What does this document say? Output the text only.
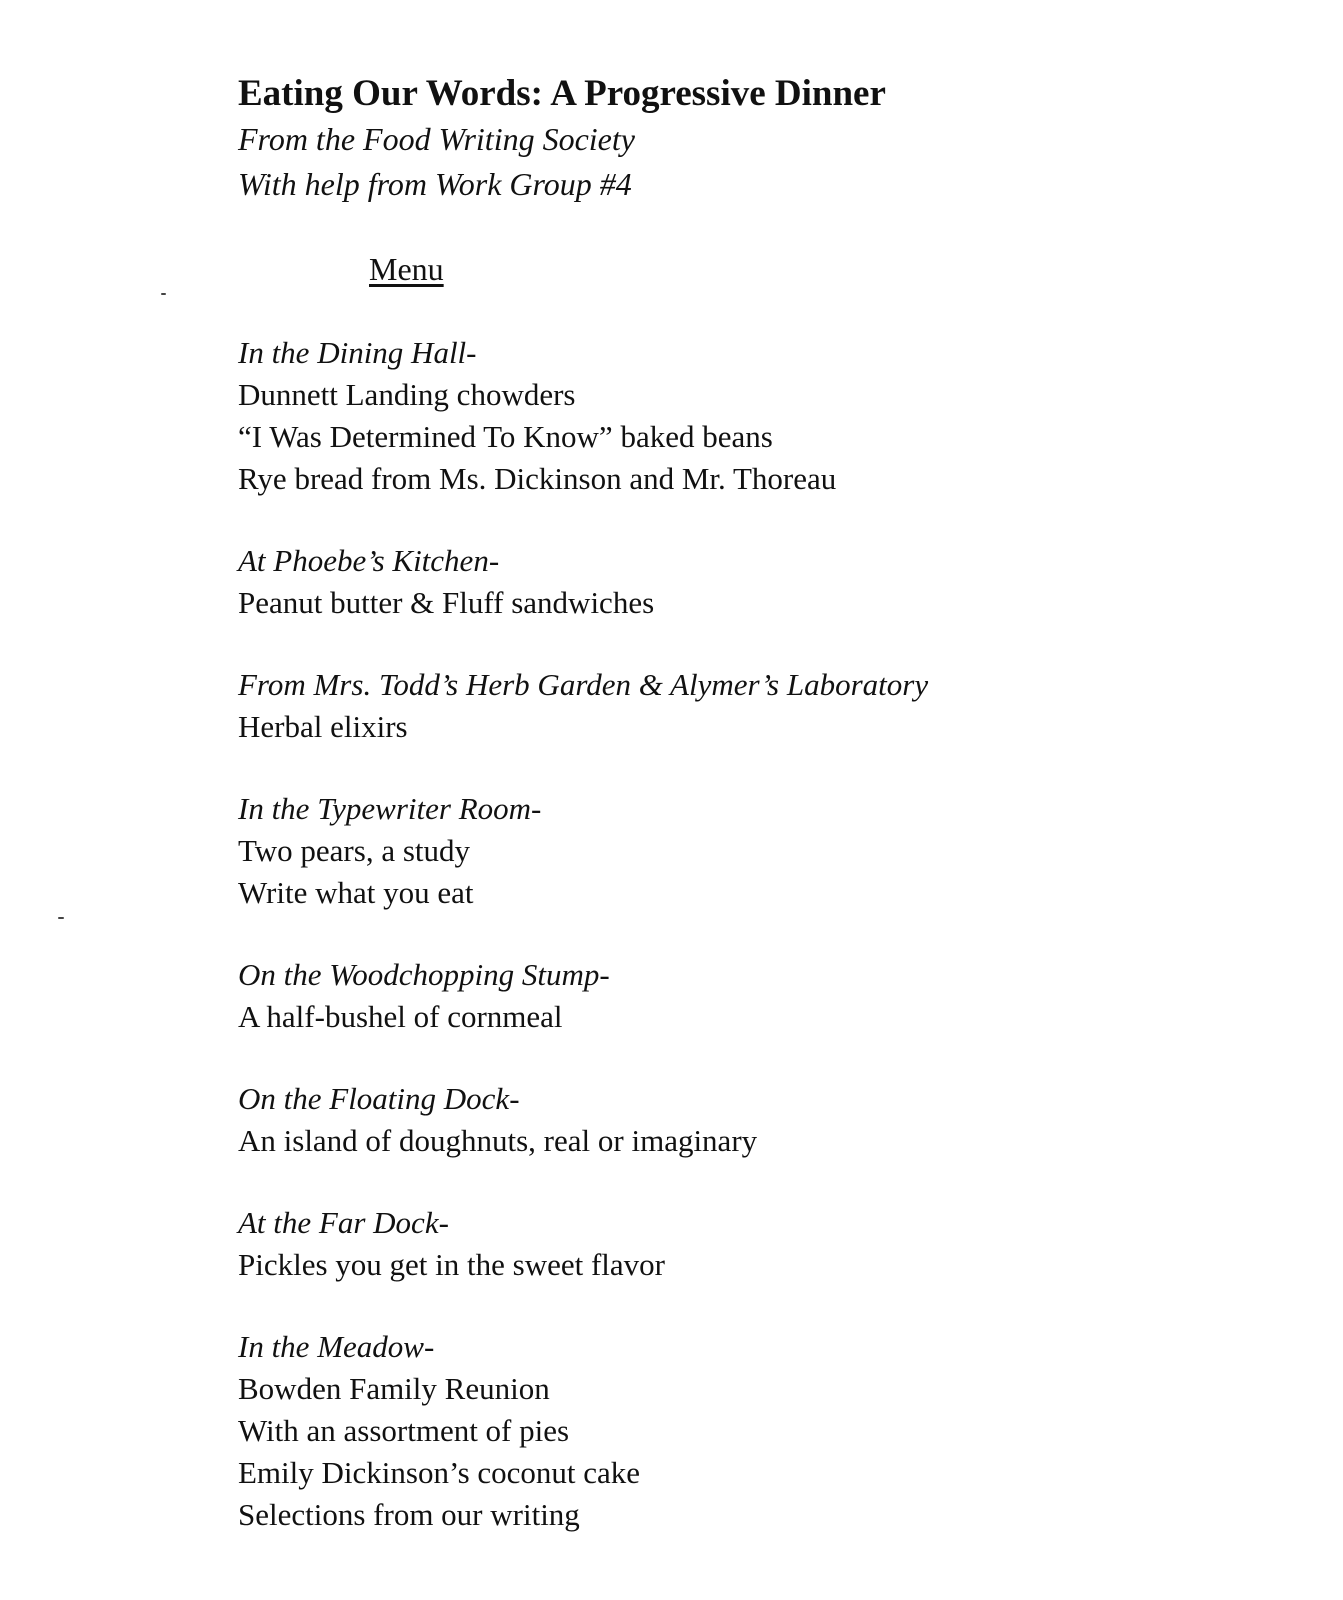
Eating Our Words: A Progressive Dinner
From the Food Writing Society
With help from Work Group #4
Menu
In the Dining Hall-
Dunnett Landing chowders
“I Was Determined To Know” baked beans
Rye bread from Ms. Dickinson and Mr. Thoreau
At Phoebe’s Kitchen-
Peanut butter & Fluff sandwiches
From Mrs. Todd’s Herb Garden & Alymer’s Laboratory
Herbal elixirs
In the Typewriter Room-
Two pears, a study
Write what you eat
On the Woodchopping Stump-
A half-bushel of cornmeal
On the Floating Dock-
An island of doughnuts, real or imaginary
At the Far Dock-
Pickles you get in the sweet flavor
In the Meadow-
Bowden Family Reunion
With an assortment of pies
Emily Dickinson’s coconut cake
Selections from our writing
